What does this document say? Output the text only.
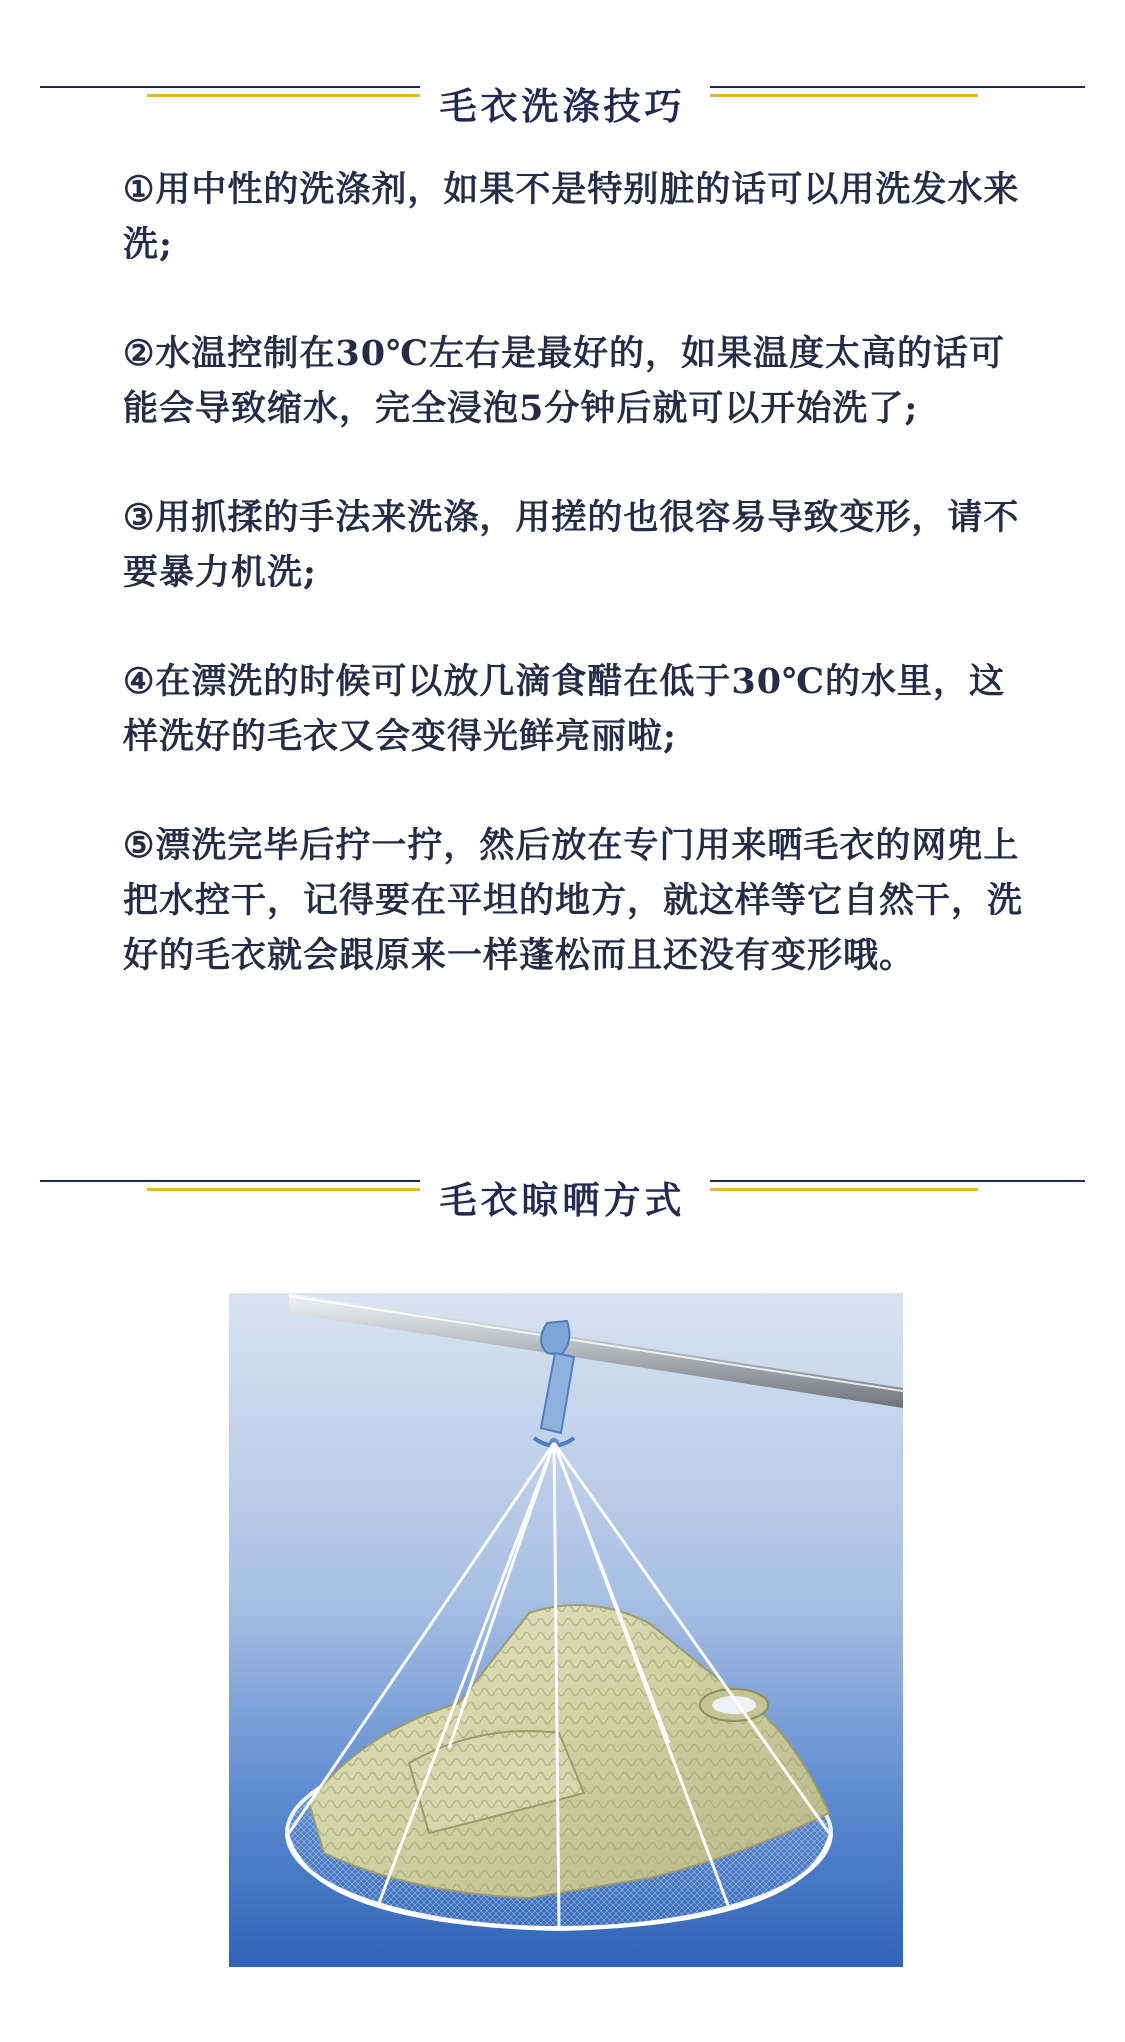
毛衣洗涤技巧
①用中性的洗涤剂，如果不是特别脏的话可以用洗发水来洗;
②水温控制在30℃左右是最好的，如果温度太高的话可能会导致缩水，完全浸泡5分钟后就可以开始洗了;
③用抓揉的手法来洗涤，用搓的也很容易导致变形，请不要暴力机洗;
④在漂洗的时候可以放几滴食醋在低于30℃的水里，这样洗好的毛衣又会变得光鲜亮丽啦;
⑤漂洗完毕后拧一拧，然后放在专门用来晒毛衣的网兜上把水控干，记得要在平坦的地方，就这样等它自然干，洗好的毛衣就会跟原来一样蓬松而且还没有变形哦。
毛衣晾晒方式
